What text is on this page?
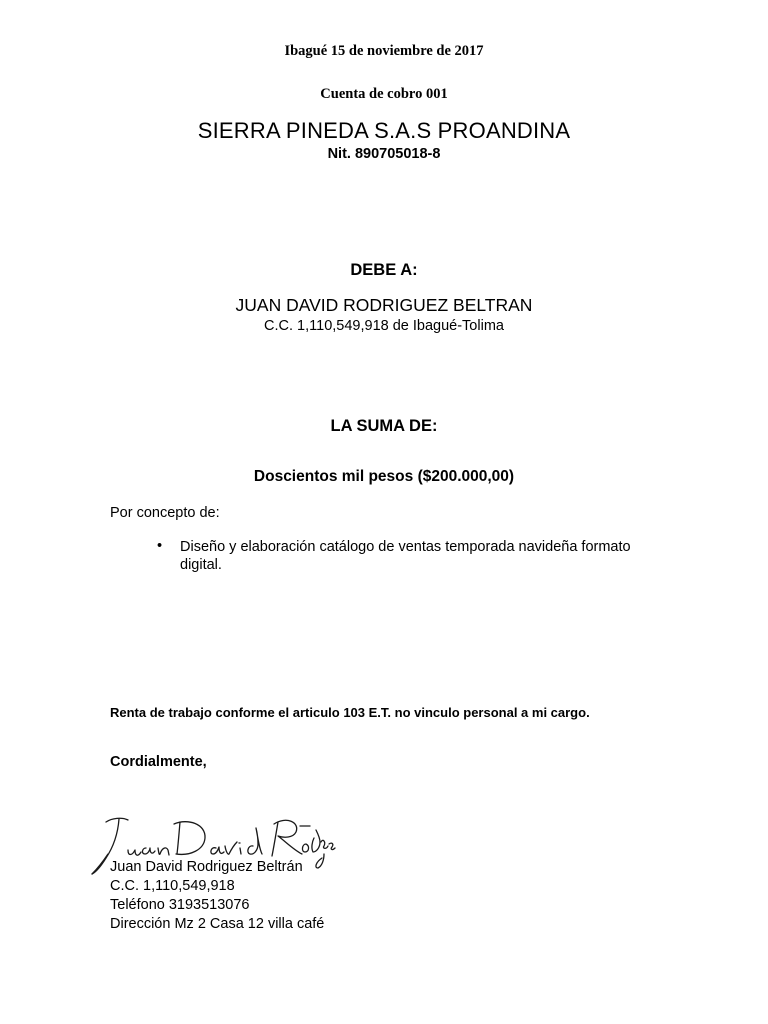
Ibagué 15 de noviembre de 2017
Cuenta de cobro 001
SIERRA PINEDA S.A.S PROANDINA
Nit. 890705018-8
DEBE A:
JUAN DAVID RODRIGUEZ BELTRAN
C.C. 1,110,549,918 de Ibagué-Tolima
LA SUMA DE:
Doscientos mil pesos ($200.000,00)
Por concepto de:
• Diseño y elaboración catálogo de ventas temporada navideña formato digital.
Renta de trabajo conforme el articulo 103 E.T. no vinculo personal a mi cargo.
Cordialmente,
Juan David Rodriguez Beltrán
C.C. 1,110,549,918
Teléfono 3193513076
Dirección Mz 2 Casa 12 villa café
